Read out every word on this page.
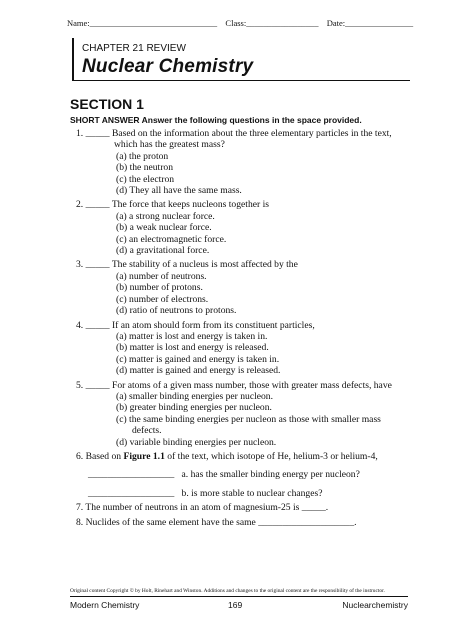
Name:______________________________ Class:_________________ Date:________________
CHAPTER 21 REVIEW
Nuclear Chemistry
SECTION 1
SHORT ANSWER Answer the following questions in the space provided.
1. _____ Based on the information about the three elementary particles in the text, which has the greatest mass?
(a) the proton
(b) the neutron
(c) the electron
(d) They all have the same mass.
2. _____ The force that keeps nucleons together is
(a) a strong nuclear force.
(b) a weak nuclear force.
(c) an electromagnetic force.
(d) a gravitational force.
3. _____ The stability of a nucleus is most affected by the
(a) number of neutrons.
(b) number of protons.
(c) number of electrons.
(d) ratio of neutrons to protons.
4. _____ If an atom should form from its constituent particles,
(a) matter is lost and energy is taken in.
(b) matter is lost and energy is released.
(c) matter is gained and energy is taken in.
(d) matter is gained and energy is released.
5. _____ For atoms of a given mass number, those with greater mass defects, have
(a) smaller binding energies per nucleon.
(b) greater binding energies per nucleon.
(c) the same binding energies per nucleon as those with smaller mass defects.
(d) variable binding energies per nucleon.
6. Based on Figure 1.1 of the text, which isotope of He, helium-3 or helium-4,
__________________ a. has the smaller binding energy per nucleon?
__________________ b. is more stable to nuclear changes?
7. The number of neutrons in an atom of magnesium-25 is _____.
8. Nuclides of the same element have the same ____________________.
Original content Copyright © by Holt, Rinehart and Winston. Additions and changes to the original content are the responsibility of the instructor.
Modern Chemistry	169	Nuclearchemistry
